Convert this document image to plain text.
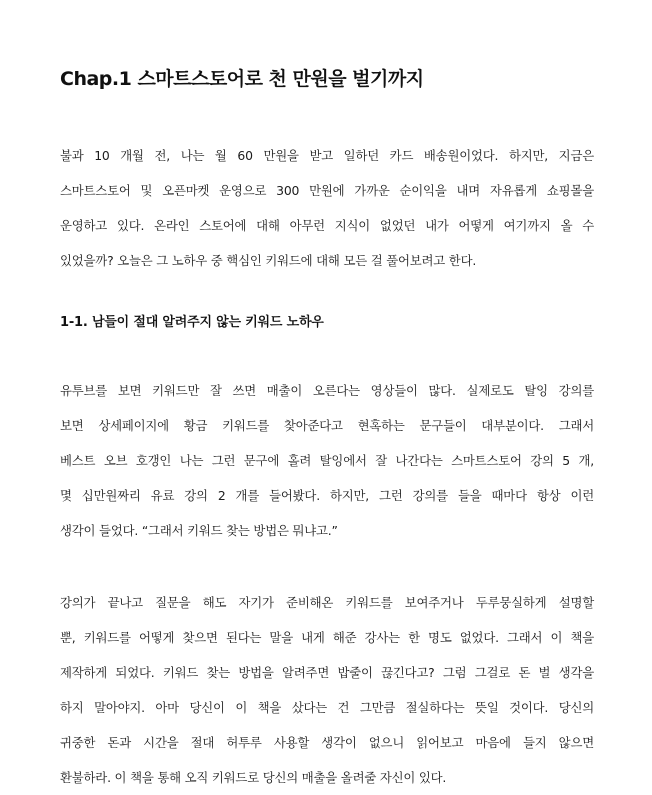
Chap.1 스마트스토어로 천 만원을 벌기까지
불과 10 개월 전, 나는 월 60 만원을 받고 일하던 카드 배송원이었다. 하지만, 지금은
스마트스토어 및 오픈마켓 운영으로 300 만원에 가까운 순이익을 내며 자유롭게 쇼핑몰을
운영하고 있다. 온라인 스토어에 대해 아무런 지식이 없었던 내가 어떻게 여기까지 올 수
있었을까? 오늘은 그 노하우 중 핵심인 키워드에 대해 모든 걸 풀어보려고 한다.
1-1. 남들이 절대 알려주지 않는 키워드 노하우
유투브를 보면 키워드만 잘 쓰면 매출이 오른다는 영상들이 많다. 실제로도 탈잉 강의를
보면 상세페이지에 황금 키워드를 찾아준다고 현혹하는 문구들이 대부분이다. 그래서
베스트 오브 호갱인 나는 그런 문구에 홀려 탈잉에서 잘 나간다는 스마트스토어 강의 5 개,
몇 십만원짜리 유료 강의 2 개를 들어봤다. 하지만, 그런 강의를 들을 때마다 항상 이런
생각이 들었다. “그래서 키워드 찾는 방법은 뭐냐고.”
강의가 끝나고 질문을 해도 자기가 준비해온 키워드를 보여주거나 두루뭉실하게 설명할
뿐, 키워드를 어떻게 찾으면 된다는 말을 내게 해준 강사는 한 명도 없었다. 그래서 이 책을
제작하게 되었다. 키워드 찾는 방법을 알려주면 밥줄이 끊긴다고? 그럼 그걸로 돈 벌 생각을
하지 말아야지. 아마 당신이 이 책을 샀다는 건 그만큼 절실하다는 뜻일 것이다. 당신의
귀중한 돈과 시간을 절대 허투루 사용할 생각이 없으니 읽어보고 마음에 들지 않으면
환불하라. 이 책을 통해 오직 키워드로 당신의 매출을 올려줄 자신이 있다.
